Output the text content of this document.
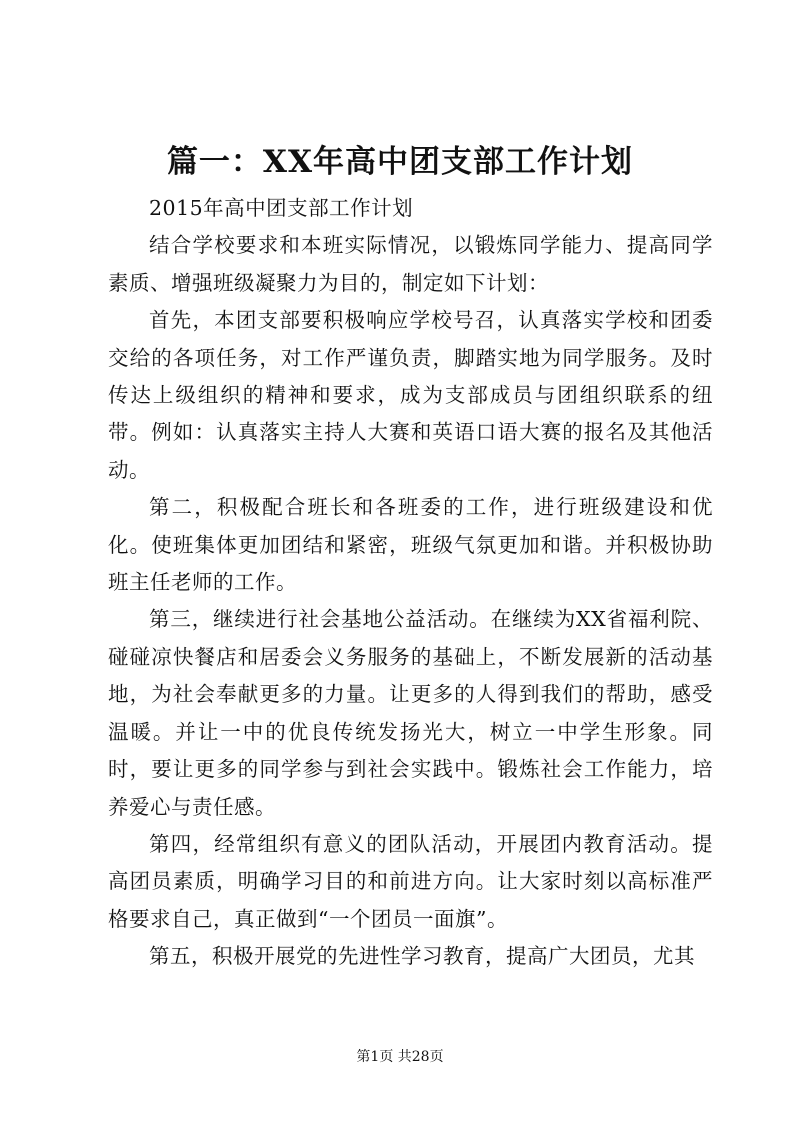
篇一：XX年高中团支部工作计划

2015年高中团支部工作计划

结合学校要求和本班实际情况，以锻炼同学能力、提高同学素质、增强班级凝聚力为目的，制定如下计划：

首先，本团支部要积极响应学校号召，认真落实学校和团委交给的各项任务，对工作严谨负责，脚踏实地为同学服务。及时传达上级组织的精神和要求，成为支部成员与团组织联系的纽带。例如：认真落实主持人大赛和英语口语大赛的报名及其他活动。

第二，积极配合班长和各班委的工作，进行班级建设和优化。使班集体更加团结和紧密，班级气氛更加和谐。并积极协助班主任老师的工作。

第三，继续进行社会基地公益活动。在继续为XX省福利院、碰碰凉快餐店和居委会义务服务的基础上，不断发展新的活动基地，为社会奉献更多的力量。让更多的人得到我们的帮助，感受温暖。并让一中的优良传统发扬光大，树立一中学生形象。同时，要让更多的同学参与到社会实践中。锻炼社会工作能力，培养爱心与责任感。

第四，经常组织有意义的团队活动，开展团内教育活动。提高团员素质，明确学习目的和前进方向。让大家时刻以高标准严格要求自己，真正做到“一个团员一面旗”。

第五，积极开展党的先进性学习教育，提高广大团员，尤其

第1页 共28页
